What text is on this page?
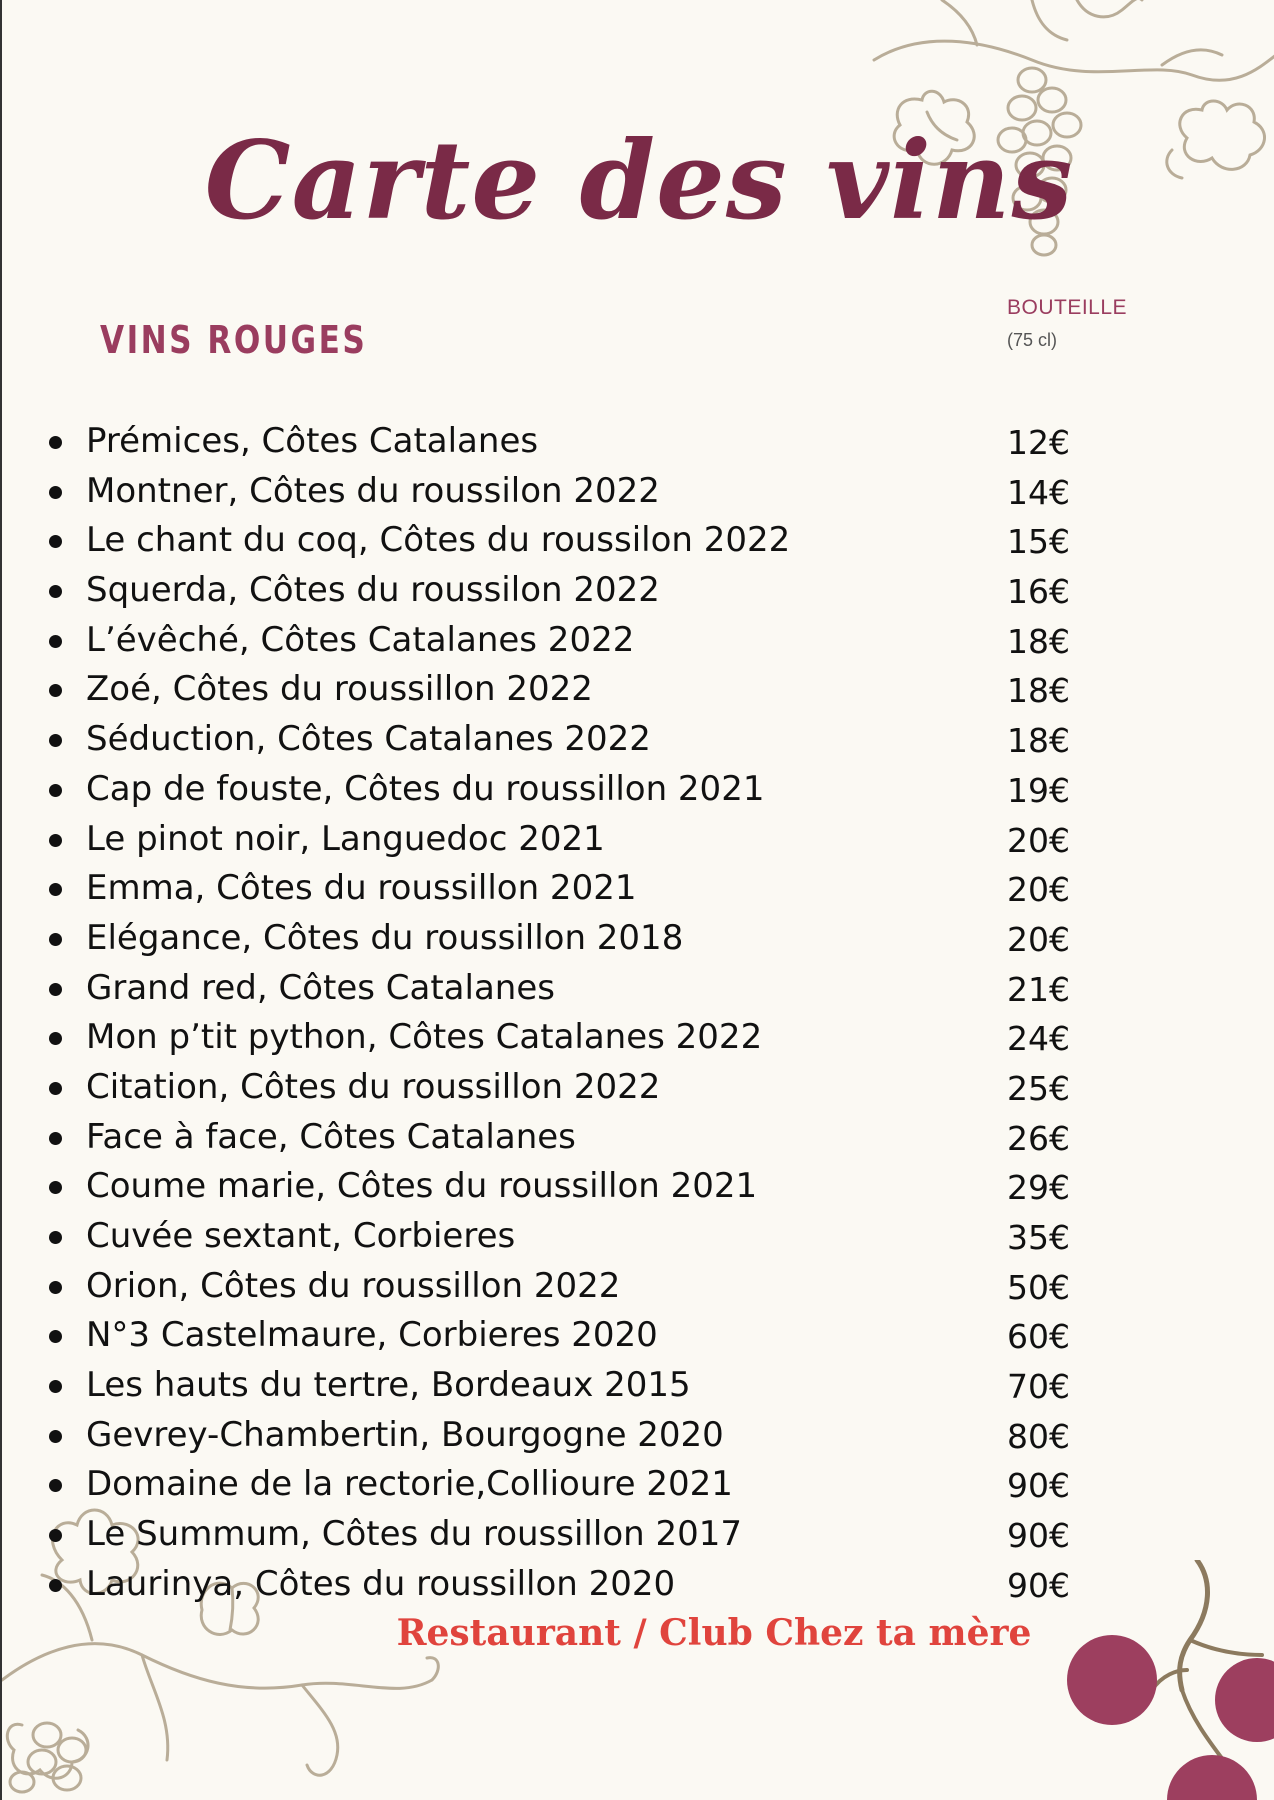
Carte des vins
VINS ROUGES
BOUTEILLE
(75 cl)
Prémices, Côtes Catalanes	12€
Montner, Côtes du roussilon 2022	14€
Le chant du coq, Côtes du roussilon 2022	15€
Squerda, Côtes du roussilon 2022	16€
L’évêché, Côtes Catalanes 2022	18€
Zoé, Côtes du roussillon 2022	18€
Séduction, Côtes Catalanes 2022	18€
Cap de fouste, Côtes du roussillon 2021	19€
Le pinot noir, Languedoc 2021	20€
Emma, Côtes du roussillon 2021	20€
Elégance, Côtes du roussillon 2018	20€
Grand red, Côtes Catalanes	21€
Mon p’tit python, Côtes Catalanes 2022	24€
Citation, Côtes du roussillon 2022	25€
Face à face, Côtes Catalanes	26€
Coume marie, Côtes du roussillon 2021	29€
Cuvée sextant, Corbieres	35€
Orion, Côtes du roussillon 2022	50€
N°3 Castelmaure, Corbieres 2020	60€
Les hauts du tertre, Bordeaux 2015	70€
Gevrey-Chambertin, Bourgogne 2020	80€
Domaine de la rectorie,Collioure 2021	90€
Le Summum, Côtes du roussillon 2017	90€
Laurinya, Côtes du roussillon 2020	90€
Restaurant / Club Chez ta mère
